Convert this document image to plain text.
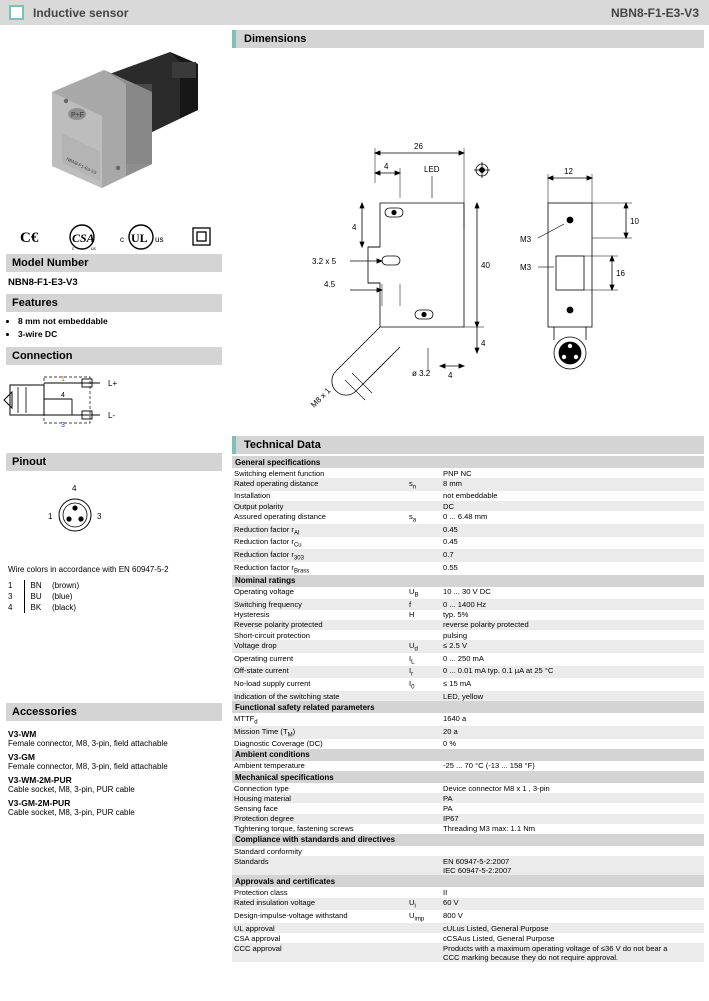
Inductive sensor	NBN8-F1-E3-V3
P+F
NBN8-F1-E3-V3
C€	CSA
c	us
c UL us
Model Number
NBN8-F1-E3-V3
Features
• 8 mm not embeddable
• 3-wire DC
Connection
1
4
3
L+
L-
Pinout
4
1	3
Wire colors in accordance with EN 60947-5-2
1	BN	(brown)
3	BU	(blue)
4	BK	(black)
Accessories
V3-WM
Female connector, M8, 3-pin, field attachable
V3-GM
Female connector, M8, 3-pin, field attachable
V3-WM-2M-PUR
Cable socket, M8, 3-pin, PUR cable
V3-GM-2M-PUR
Cable socket, M8, 3-pin, PUR cable
Dimensions
26
4	LED
4
3.2 x 5
4.5
40
4
M8 x 1
ø 3.2 4
12
M3
M3
10
16
Technical Data
General specifications		
Switching element function		PNP NC
Rated operating distance	$s_n$	8 mm
Installation		not embeddable
Output polarity		DC
Assured operating distance	$s_a$	0 ... 6.48 mm
Reduction factor $r_{Al}$		0.45
Reduction factor $r_{Cu}$		0.45
Reduction factor $r_{303}$		0.7
Reduction factor $r_{Brass}$		0.55
Nominal ratings		
Operating voltage	$U_B$	10 ... 30 V DC
Switching frequency	f	0 ... 1400 Hz
Hysteresis	H	typ. 5%
Reverse polarity protected		reverse polarity protected
Short-circuit protection		pulsing
Voltage drop	$U_d$	≤ 2.5 V
Operating current	$I_L$	0 ... 250 mA
Off-state current	$I_r$	0 ... 0.01 mA typ. 0.1 µA at 25 °C
No-load supply current	$I_0$	≤ 15 mA
Indication of the switching state		LED, yellow
Functional safety related parameters		
$MTTF_d$		1640 a
Mission Time $(T_M)$		20 a
Diagnostic Coverage (DC)		0 %
Ambient conditions		
Ambient temperature		-25 ... 70 °C (-13 ... 158 °F)
Mechanical specifications		
Connection type		Device connector M8 x 1 , 3-pin
Housing material		PA
Sensing face		PA
Protection degree		IP67
Tightening torque, fastening screws		Threading M3 max: 1.1 Nm
Compliance with standards and directives		
Standard conformity		
Standards		EN 60947-5-2:2007
IEC 60947-5-2:2007
Approvals and certificates		
Protection class		II
Rated insulation voltage	$U_i$	60 V
Design-impulse-voltage withstand	$U_{imp}$	800 V
UL approval		cULus Listed, General Purpose
CSA approval		cCSAus Listed, General Purpose
CCC approval		Products with a maximum operating voltage of ≤36 V do not bear a
CCC marking because they do not require approval.
